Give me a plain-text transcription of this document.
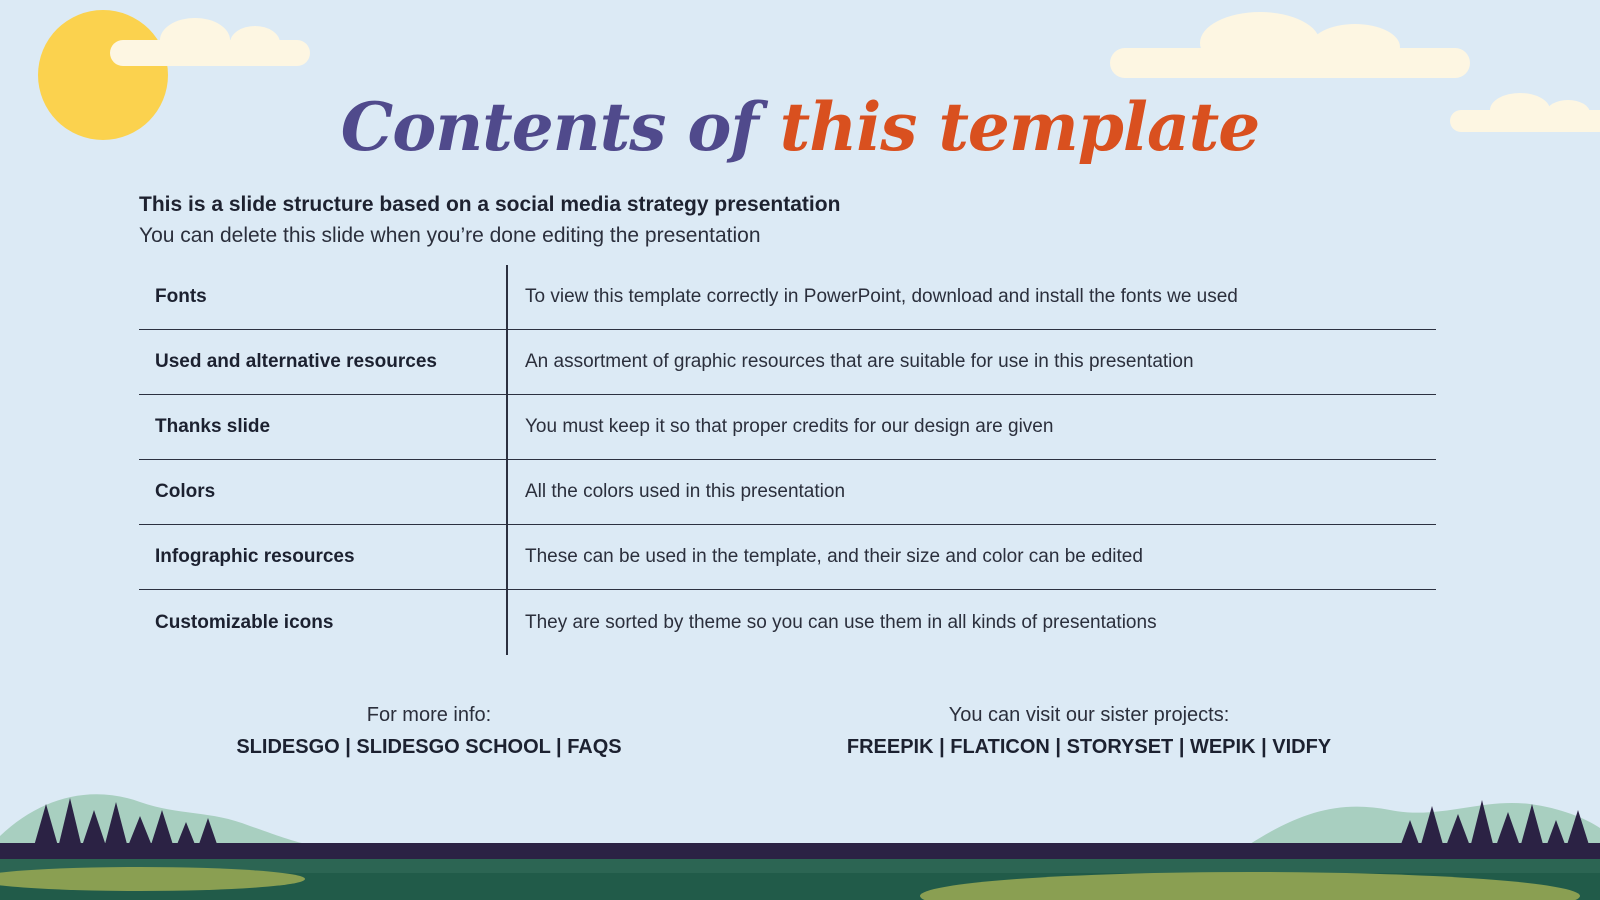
Contents of this template
This is a slide structure based on a social media strategy presentation
You can delete this slide when you’re done editing the presentation
Fonts	To view this template correctly in PowerPoint, download and install the fonts we used
Used and alternative resources	An assortment of graphic resources that are suitable for use in this presentation
Thanks slide	You must keep it so that proper credits for our design are given
Colors	All the colors used in this presentation
Infographic resources	These can be used in the template, and their size and color can be edited
Customizable icons	They are sorted by theme so you can use them in all kinds of presentations
For more info:
SLIDESGO | SLIDESGO SCHOOL | FAQS
You can visit our sister projects:
FREEPIK | FLATICON | STORYSET | WEPIK | VIDFY
